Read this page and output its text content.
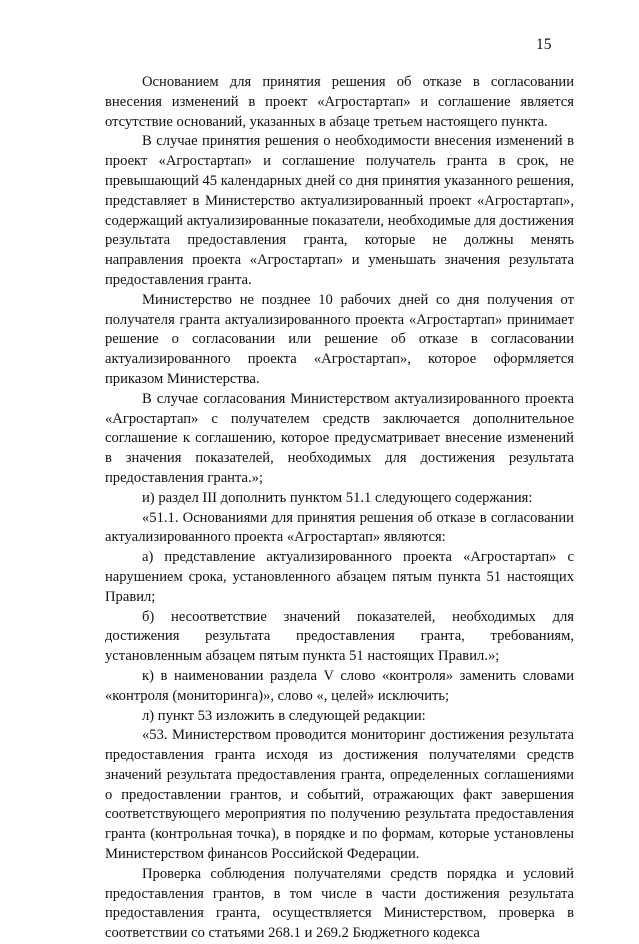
15

Основанием для принятия решения об отказе в согласовании внесения изменений в проект «Агростартап» и соглашение является отсутствие оснований, указанных в абзаце третьем настоящего пункта.

В случае принятия решения о необходимости внесения изменений в проект «Агростартап» и соглашение получатель гранта в срок, не превышающий 45 календарных дней со дня принятия указанного решения, представляет в Министерство актуализированный проект «Агростартап», содержащий актуализированные показатели, необходимые для достижения результата предоставления гранта, которые не должны менять направления проекта «Агростартап» и уменьшать значения результата предоставления гранта.

Министерство не позднее 10 рабочих дней со дня получения от получателя гранта актуализированного проекта «Агростартап» принимает решение о согласовании или решение об отказе в согласовании актуализированного проекта «Агростартап», которое оформляется приказом Министерства.

В случае согласования Министерством актуализированного проекта «Агростартап» с получателем средств заключается дополнительное соглашение к соглашению, которое предусматривает внесение изменений в значения показателей, необходимых для достижения результата предоставления гранта.»;

и) раздел III дополнить пунктом 51.1 следующего содержания:

«51.1. Основаниями для принятия решения об отказе в согласовании актуализированного проекта «Агростартап» являются:

а) представление актуализированного проекта «Агростартап» с нарушением срока, установленного абзацем пятым пункта 51 настоящих Правил;

б) несоответствие значений показателей, необходимых для достижения результата предоставления гранта, требованиям, установленным абзацем пятым пункта 51 настоящих Правил.»;

к) в наименовании раздела V слово «контроля» заменить словами «контроля (мониторинга)», слово «, целей» исключить;

л) пункт 53 изложить в следующей редакции:

«53. Министерством проводится мониторинг достижения результата предоставления гранта исходя из достижения получателями средств значений результата предоставления гранта, определенных соглашениями о предоставлении грантов, и событий, отражающих факт завершения соответствующего мероприятия по получению результата предоставления гранта (контрольная точка), в порядке и по формам, которые установлены Министерством финансов Российской Федерации.

Проверка соблюдения получателями средств порядка и условий предоставления грантов, в том числе в части достижения результата предоставления гранта, осуществляется Министерством, проверка в соответствии со статьями 268.1 и 269.2 Бюджетного кодекса
